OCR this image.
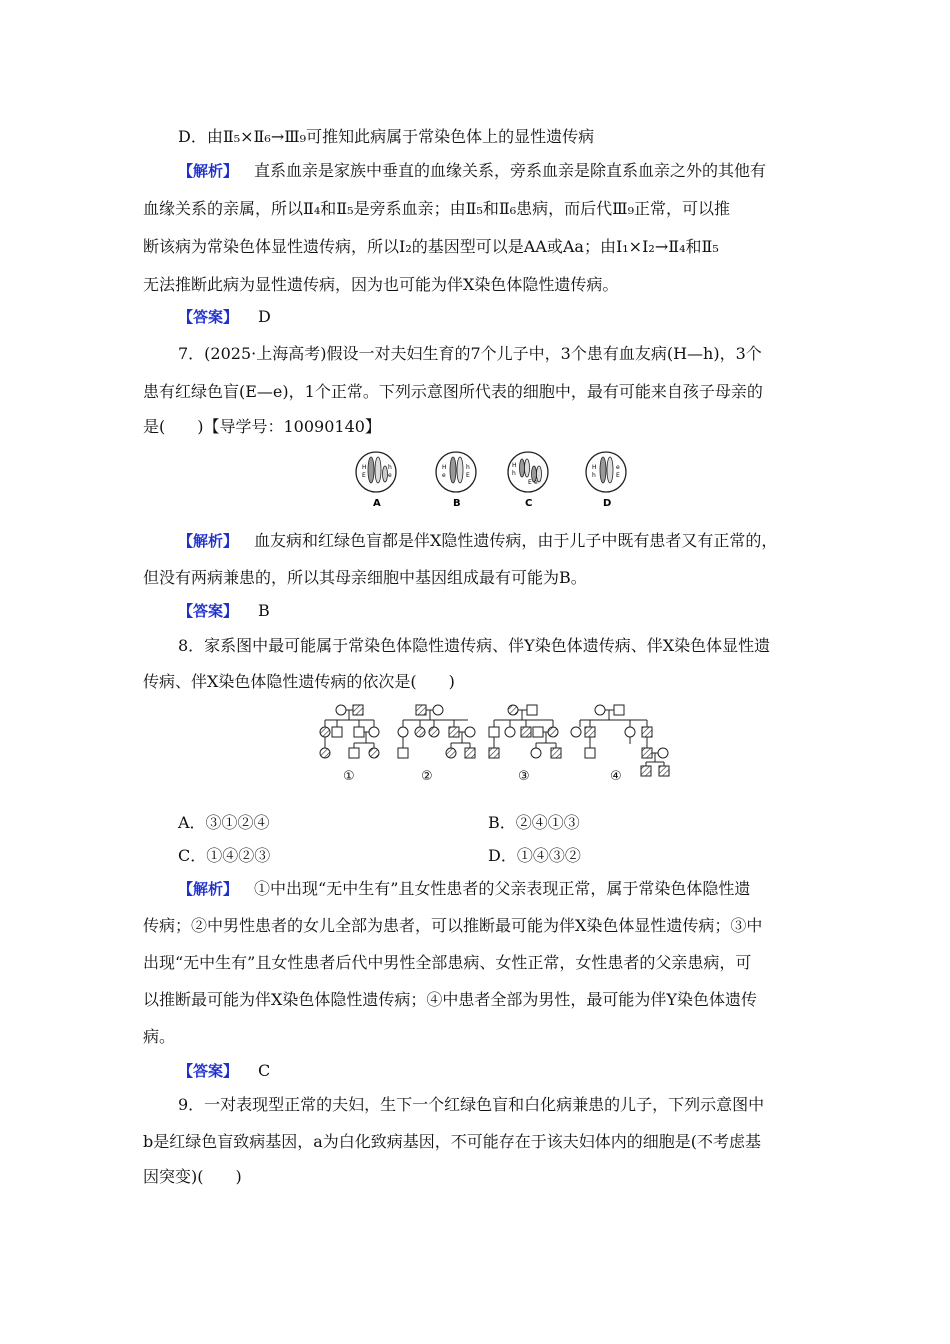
D．由Ⅱ₅×Ⅱ₆→Ⅲ₉可推知此病属于常染色体上的显性遗传病
【解析】 直系血亲是家族中垂直的血缘关系，旁系血亲是除直系血亲之外的其他有
血缘关系的亲属，所以Ⅱ₄和Ⅱ₅是旁系血亲；由Ⅱ₅和Ⅱ₆患病，而后代Ⅲ₉正常，可以推
断该病为常染色体显性遗传病，所以Ⅰ₂的基因型可以是AA或Aa；由Ⅰ₁×Ⅰ₂→Ⅱ₄和Ⅱ₅
无法推断此病为显性遗传病，因为也可能为伴X染色体隐性遗传病。
【答案】 D
7．(2025·上海高考)假设一对夫妇生育的7个儿子中，3个患有血友病(H—h)，3个
患有红绿色盲(E—e)，1个正常。下列示意图所代表的细胞中，最有可能来自孩子母亲的
是(　　)【导学号：10090140】
H
E
h
e
A
H
e
h
E
B
H
h
E e
C
H
h
e
E
D
【解析】 血友病和红绿色盲都是伴X隐性遗传病，由于儿子中既有患者又有正常的，
但没有两病兼患的，所以其母亲细胞中基因组成最有可能为B。
【答案】 B
8．家系图中最可能属于常染色体隐性遗传病、伴Y染色体遗传病、伴X染色体显性遗
传病、伴X染色体隐性遗传病的依次是(　　)
①	②	③	④
A．③①②④	B．②④①③
C．①④②③	D．①④③②
【解析】 ①中出现“无中生有”且女性患者的父亲表现正常，属于常染色体隐性遗
传病；②中男性患者的女儿全部为患者，可以推断最可能为伴X染色体显性遗传病；③中
出现“无中生有”且女性患者后代中男性全部患病、女性正常，女性患者的父亲患病，可
以推断最可能为伴X染色体隐性遗传病；④中患者全部为男性，最可能为伴Y染色体遗传
病。
【答案】 C
9．一对表现型正常的夫妇，生下一个红绿色盲和白化病兼患的儿子，下列示意图中
b是红绿色盲致病基因，a为白化致病基因，不可能存在于该夫妇体内的细胞是(不考虑基
因突变)(　　)
